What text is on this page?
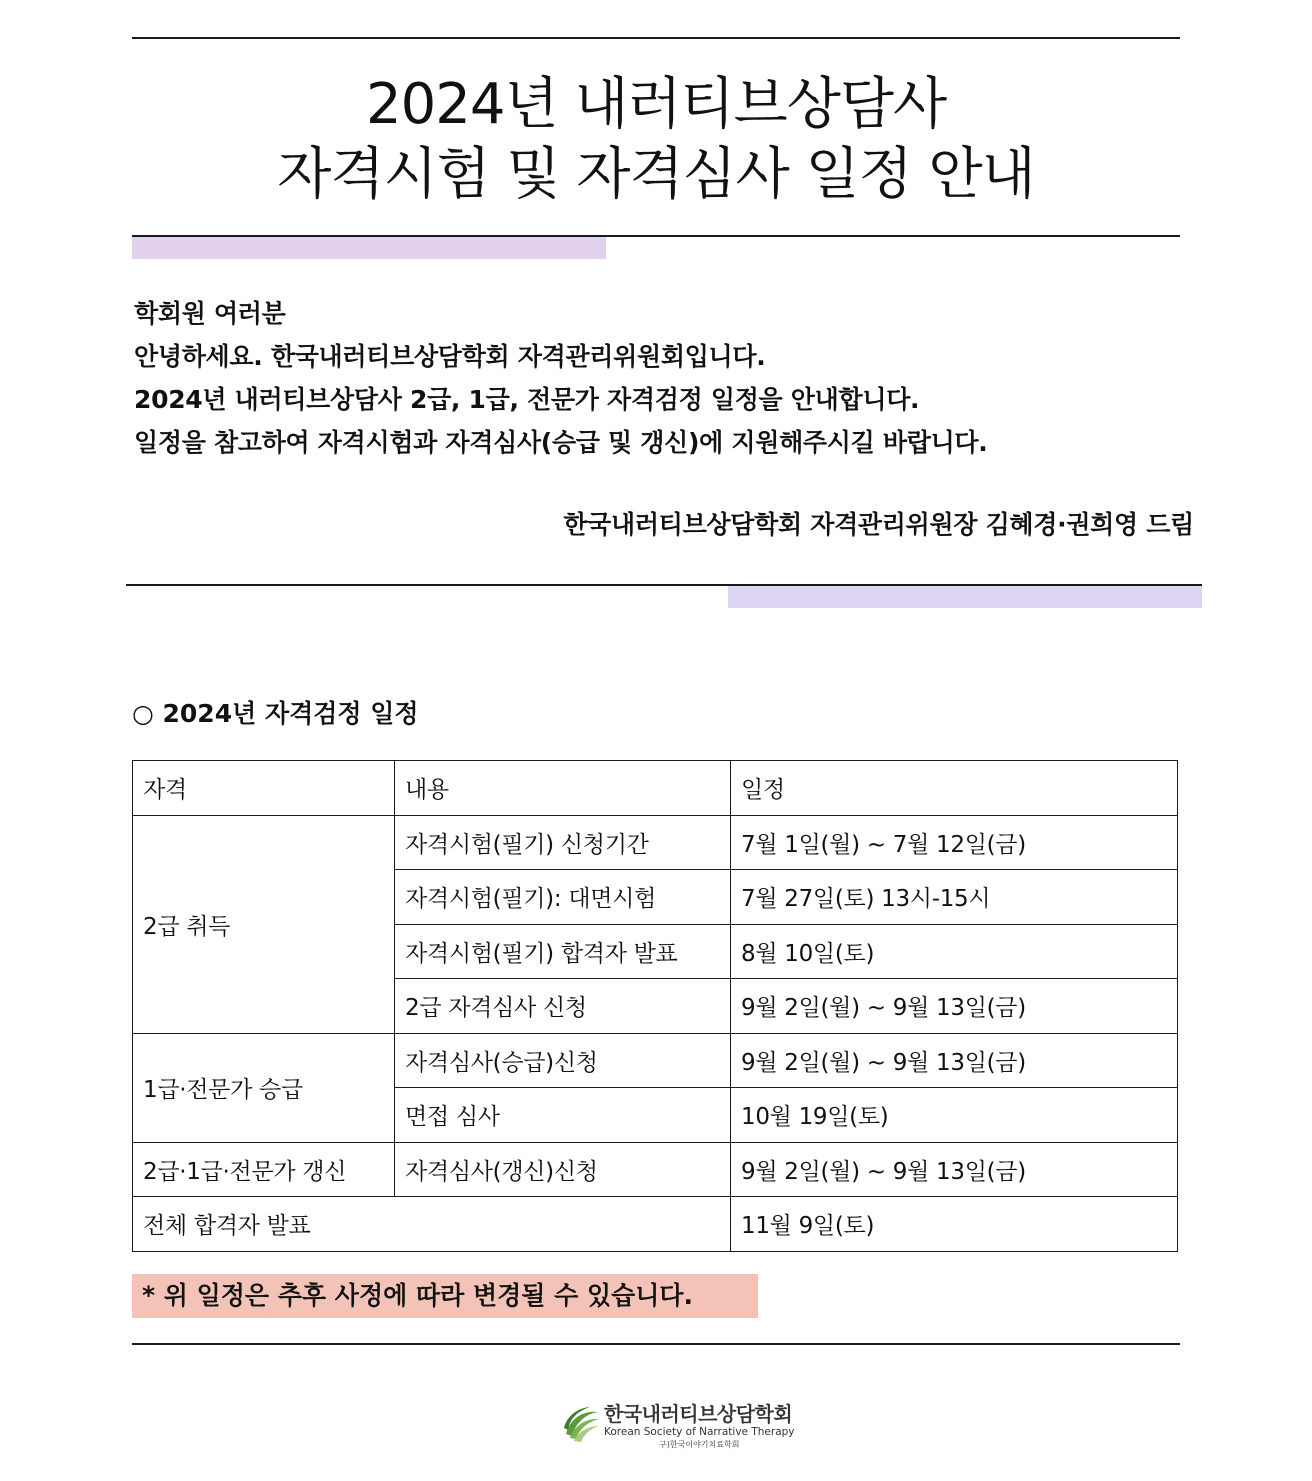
2024년 내러티브상담사
자격시험 및 자격심사 일정 안내

학회원 여러분

안녕하세요. 한국내러티브상담학회 자격관리위원회입니다.

2024년 내러티브상담사 2급, 1급, 전문가 자격검정 일정을 안내합니다.

일정을 참고하여 자격시험과 자격심사(승급 및 갱신)에 지원해주시길 바랍니다.

한국내러티브상담학회 자격관리위원장 김혜경·권희영 드림
○ 2024년 자격검정 일정
자격	내용	일정
2급 취득	자격시험(필기) 신청기간	7월 1일(월) ~ 7월 12일(금)
	자격시험(필기): 대면시험	7월 27일(토) 13시-15시
	자격시험(필기) 합격자 발표	8월 10일(토)
	2급 자격심사 신청	9월 2일(월) ~ 9월 13일(금)
1급·전문가 승급	자격심사(승급)신청	9월 2일(월) ~ 9월 13일(금)
	면접 심사	10월 19일(토)
2급·1급·전문가 갱신	자격심사(갱신)신청	9월 2일(월) ~ 9월 13일(금)
전체 합격자 발표		11월 9일(토)
* 위 일정은 추후 사정에 따라 변경될 수 있습니다.
한국내러티브상담학회
Korean Society of Narrative Therapy
구)한국이야기치료학회
